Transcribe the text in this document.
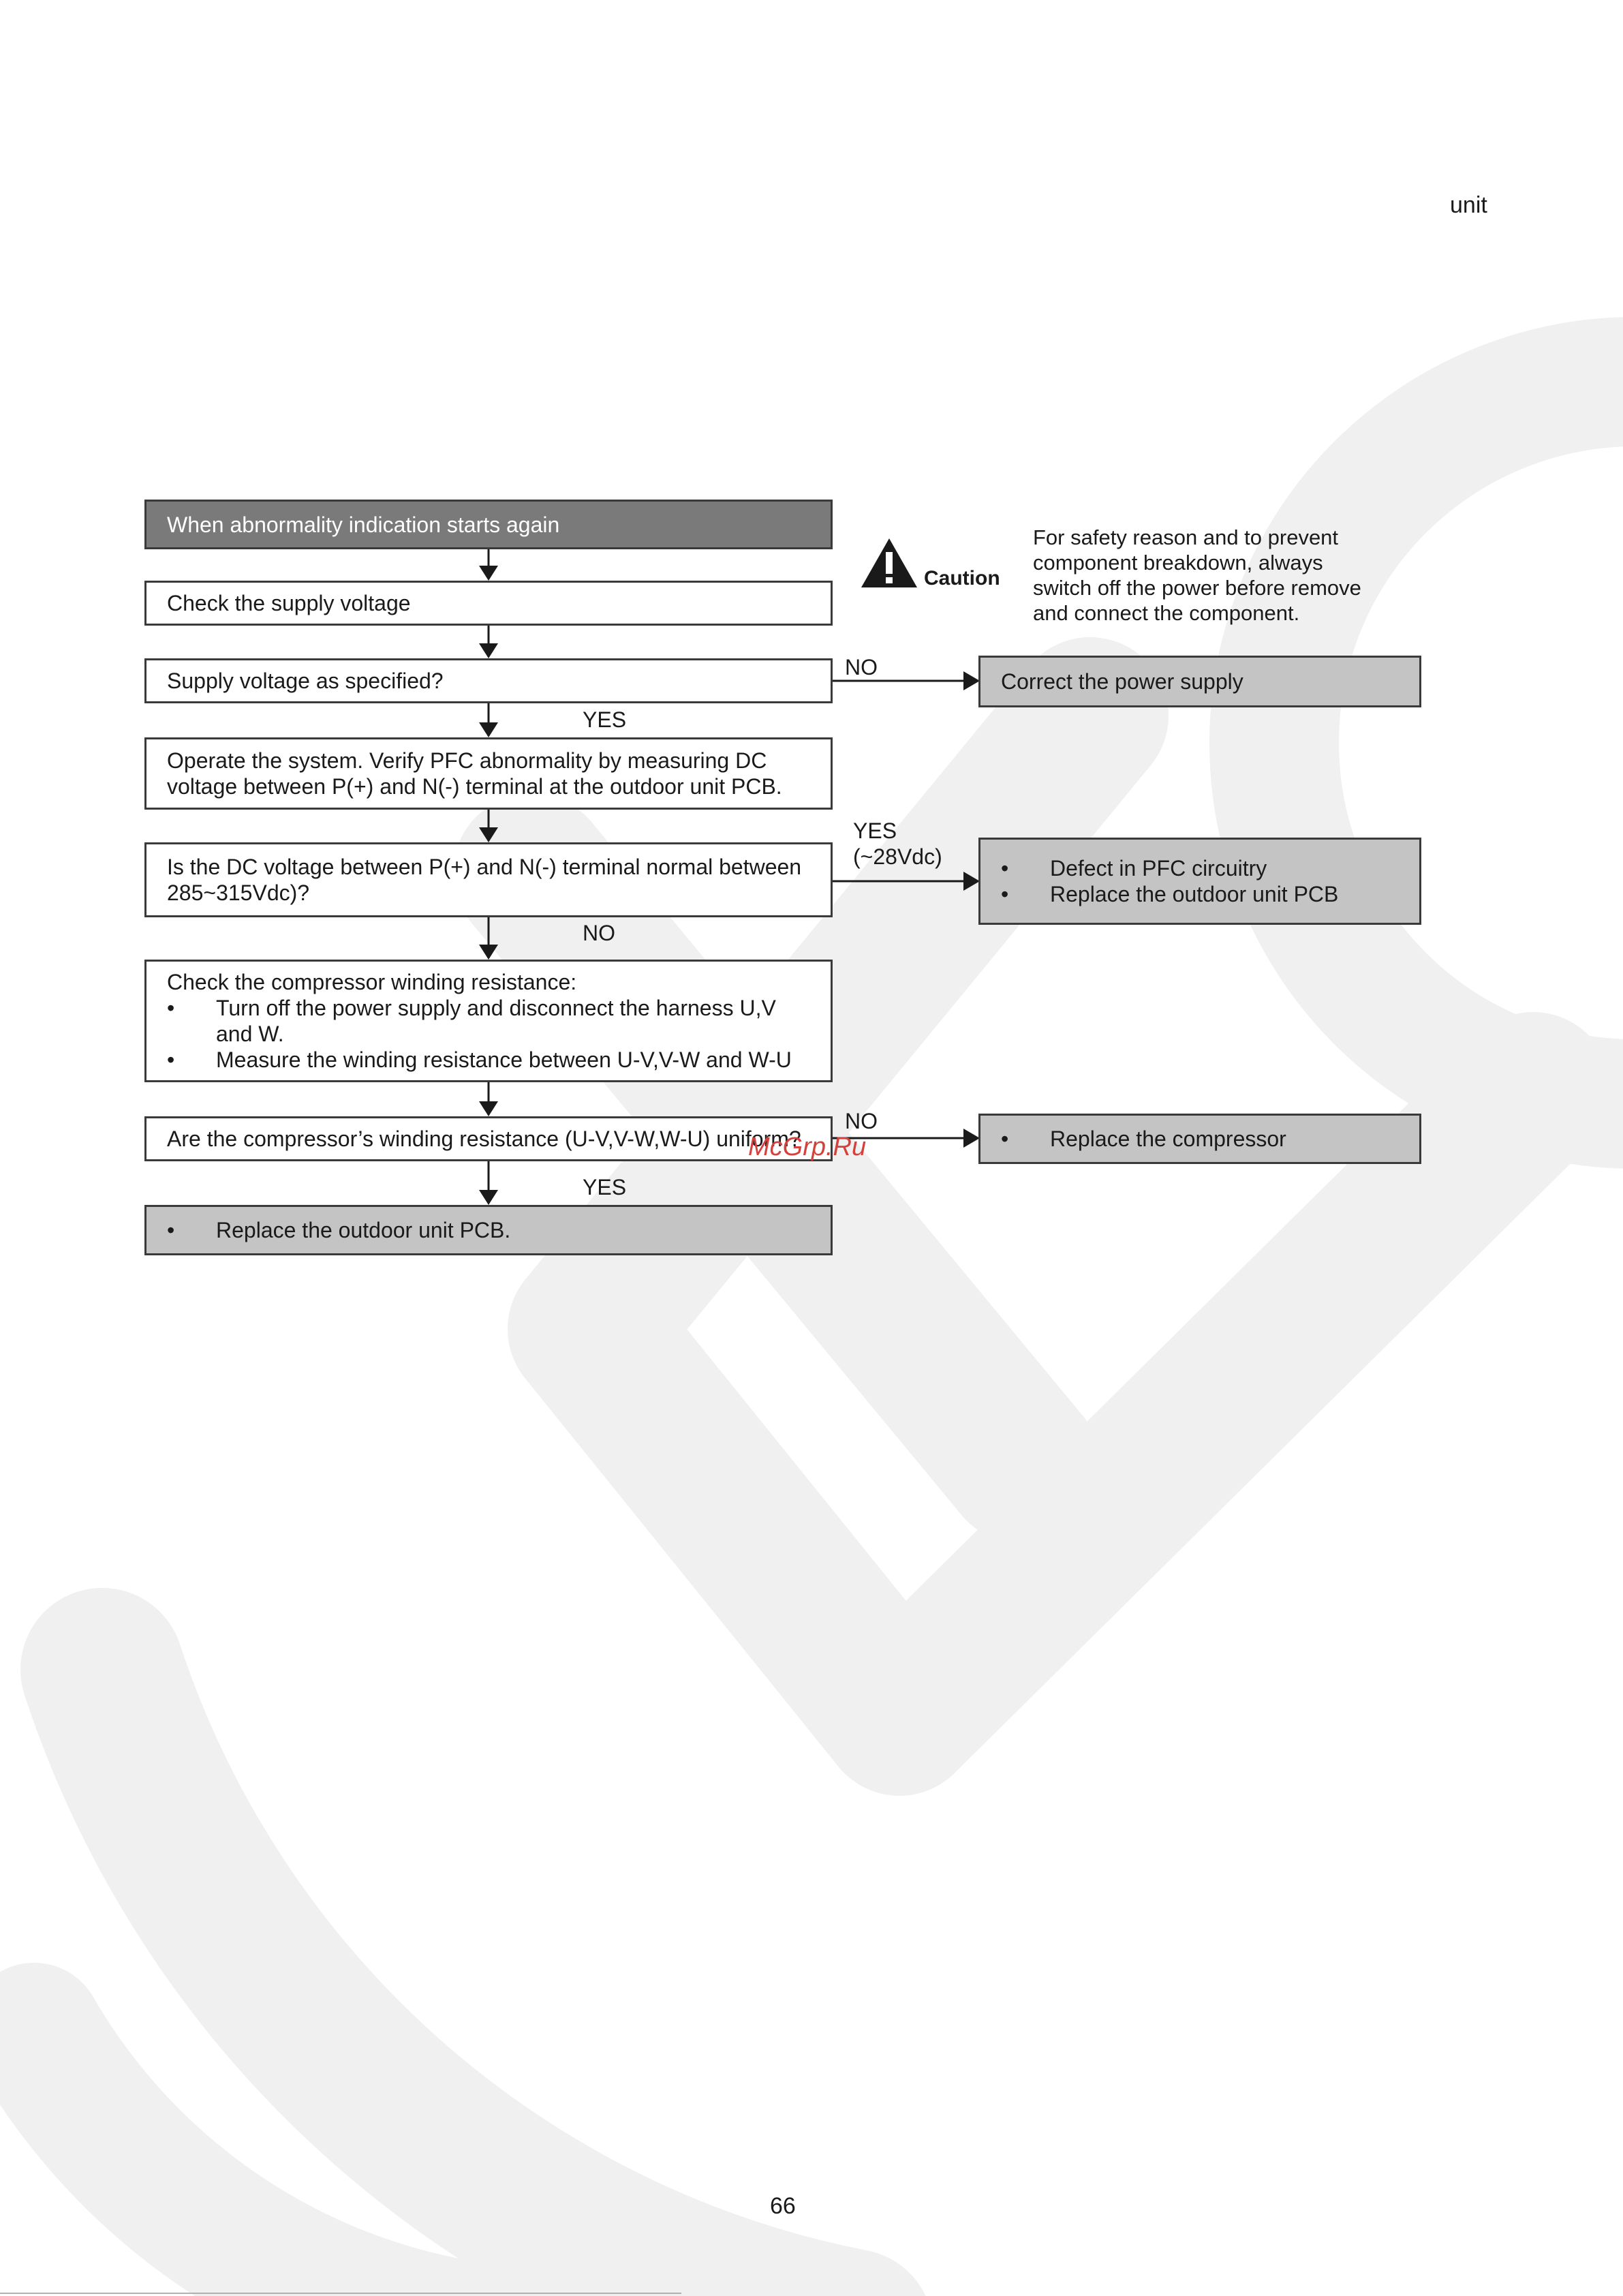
unit
Caution
For safety reason and to prevent
component breakdown, always
switch off the power before remove
and connect the component.
When abnormality indication starts again
Check the supply voltage
Supply voltage as specified?	Correct the power supply
Operate the system. Verify PFC abnormality by measuring DC
voltage between P(+) and N(-) terminal at the outdoor unit PCB.
Is the DC voltage between P(+) and N(-) terminal normal between
285~315Vdc)?
•	Defect in PFC circuitry
•	Replace the outdoor unit PCB
Check the compressor winding resistance:
•	Turn off the power supply and disconnect the harness U,V
and W.
•	Measure the winding resistance between U-V,V-W and W-U
Are the compressor’s winding resistance (U-V,V-W,W-U) uniform?	•	Replace the compressor
•	Replace the outdoor unit PCB.
NO
YES
YES
(~28Vdc)
NO
NO
YES
McGrp.Ru
66
